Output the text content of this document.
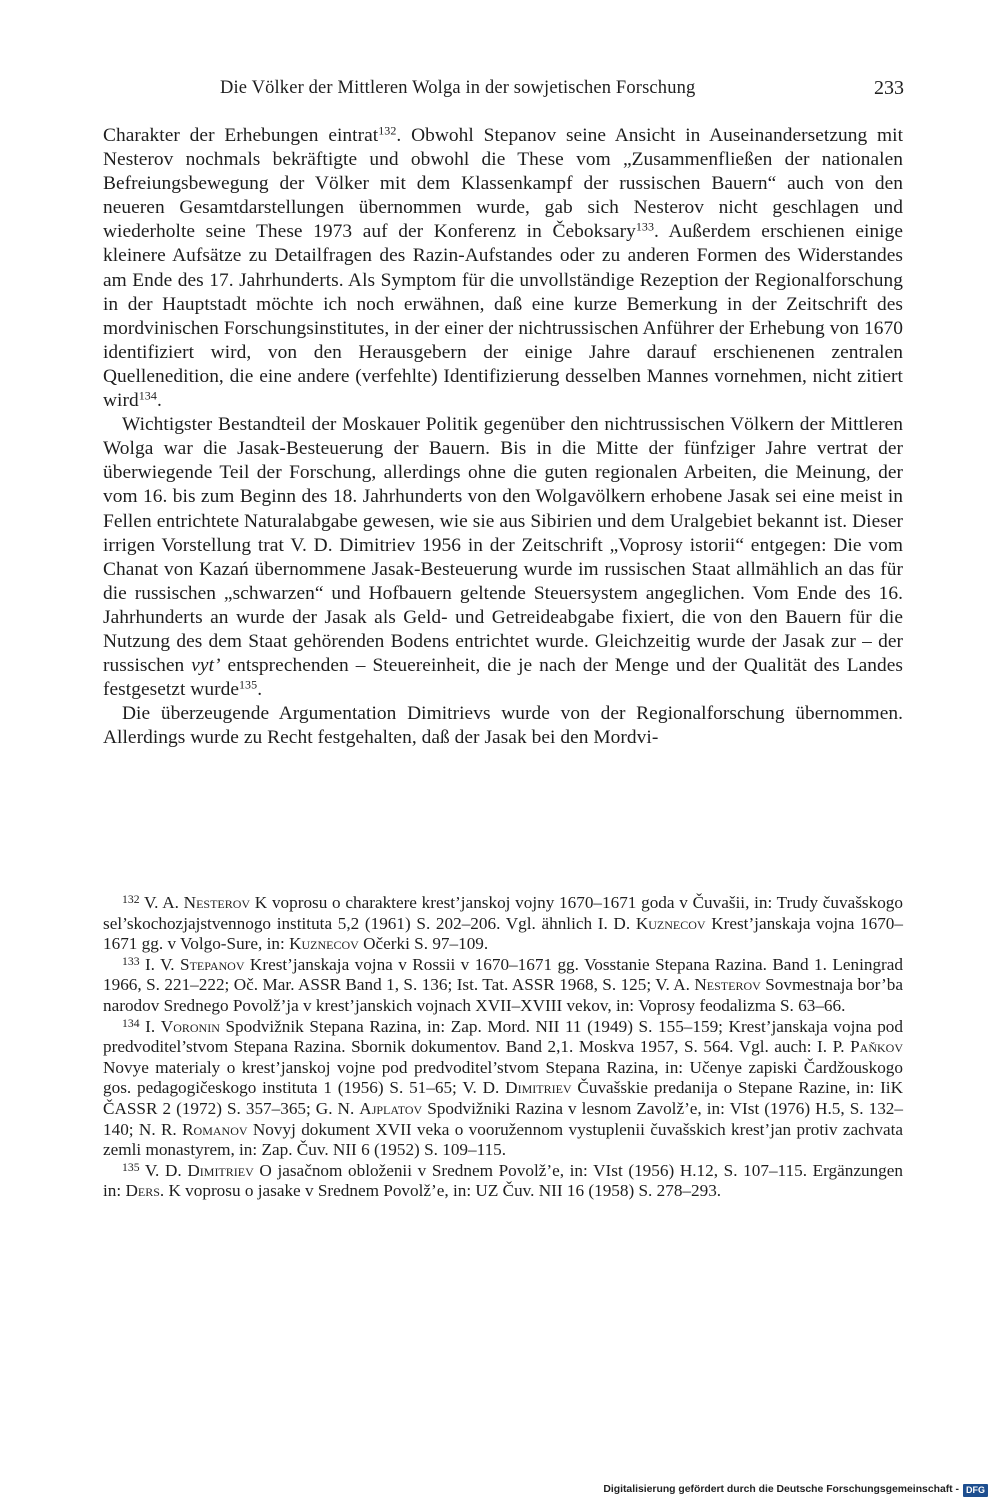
Die Völker der Mittleren Wolga in der sowjetischen Forschung	233

Charakter der Erhebungen eintrat$^{132}$. Obwohl Stepanov seine Ansicht in Auseinandersetzung mit Nesterov nochmals bekräftigte und obwohl die These vom „Zusammenfließen der nationalen Befreiungsbewegung der Völker mit dem Klassenkampf der russischen Bauern“ auch von den neueren Gesamtdarstellungen übernommen wurde, gab sich Nesterov nicht geschlagen und wiederholte seine These 1973 auf der Konferenz in Čeboksary$^{133}$. Außerdem erschienen einige kleinere Aufsätze zu Detailfragen des Razin-Aufstandes oder zu anderen Formen des Widerstandes am Ende des 17. Jahrhunderts. Als Symptom für die unvollständige Rezeption der Regionalforschung in der Hauptstadt möchte ich noch erwähnen, daß eine kurze Bemerkung in der Zeitschrift des mordvinischen Forschungsinstitutes, in der einer der nichtrussischen Anführer der Erhebung von 1670 identifiziert wird, von den Herausgebern der einige Jahre darauf erschienenen zentralen Quellenedition, die eine andere (verfehlte) Identifizierung desselben Mannes vornehmen, nicht zitiert wird$^{134}$.

Wichtigster Bestandteil der Moskauer Politik gegenüber den nichtrussischen Völkern der Mittleren Wolga war die Jasak-Besteuerung der Bauern. Bis in die Mitte der fünfziger Jahre vertrat der überwiegende Teil der Forschung, allerdings ohne die guten regionalen Arbeiten, die Meinung, der vom 16. bis zum Beginn des 18. Jahrhunderts von den Wolgavölkern erhobene Jasak sei eine meist in Fellen entrichtete Naturalabgabe gewesen, wie sie aus Sibirien und dem Uralgebiet bekannt ist. Dieser irrigen Vorstellung trat V. D. Dimitriev 1956 in der Zeitschrift „Voprosy istorii“ entgegen: Die vom Chanat von Kazań übernommene Jasak-Besteuerung wurde im russischen Staat allmählich an das für die russischen „schwarzen“ und Hofbauern geltende Steuersystem angeglichen. Vom Ende des 16. Jahrhunderts an wurde der Jasak als Geld- und Getreideabgabe fixiert, die von den Bauern für die Nutzung des dem Staat gehörenden Bodens entrichtet wurde. Gleichzeitig wurde der Jasak zur – der russischen vyt’ entsprechenden – Steuereinheit, die je nach der Menge und der Qualität des Landes festgesetzt wurde$^{135}$.

Die überzeugende Argumentation Dimitrievs wurde von der Regionalforschung übernommen. Allerdings wurde zu Recht festgehalten, daß der Jasak bei den Mordvi-

$^{132}$ V. A. Nesterov K voprosu o charaktere krest’janskoj vojny 1670–1671 goda v Čuvašii, in: Trudy čuvašskogo sel’skochozjajstvennogo instituta 5,2 (1961) S. 202–206. Vgl. ähnlich I. D. Kuznecov Krest’janskaja vojna 1670–1671 gg. v Volgo-Sure, in: Kuznecov Očerki S. 97–109.

$^{133}$ I. V. Stepanov Krest’janskaja vojna v Rossii v 1670–1671 gg. Vosstanie Stepana Razina. Band 1. Leningrad 1966, S. 221–222; Oč. Mar. ASSR Band 1, S. 136; Ist. Tat. ASSR 1968, S. 125; V. A. Nesterov Sovmestnaja bor’ba narodov Srednego Povolž’ja v krest’janskich vojnach XVII–XVIII vekov, in: Voprosy feodalizma S. 63–66.

$^{134}$ I. Voronin Spodvižnik Stepana Razina, in: Zap. Mord. NII 11 (1949) S. 155–159; Krest’janskaja vojna pod predvoditel’stvom Stepana Razina. Sbornik dokumentov. Band 2,1. Moskva 1957, S. 564. Vgl. auch: I. P. Paňkov Novye materialy o krest’janskoj vojne pod predvoditel’stvom Stepana Razina, in: Učenye zapiski Čardžouskogo gos. pedagogičeskogo instituta 1 (1956) S. 51–65; V. D. Dimitriev Čuvašskie predanija o Stepane Razine, in: IiK ČASSR 2 (1972) S. 357–365; G. N. Ajplatov Spodvižniki Razina v lesnom Zavolž’e, in: VIst (1976) H.5, S. 132–140; N. R. Romanov Novyj dokument XVII veka o vooružennom vystuplenii čuvašskich krest’jan protiv zachvata zemli monastyrem, in: Zap. Čuv. NII 6 (1952) S. 109–115.

$^{135}$ V. D. Dimitriev O jasačnom obloženii v Srednem Povolž’e, in: VIst (1956) H.12, S. 107–115. Ergänzungen in: Ders. K voprosu o jasake v Srednem Povolž’e, in: UZ Čuv. NII 16 (1958) S. 278–293.

Digitalisierung gefördert durch die Deutsche Forschungsgemeinschaft - DFG
